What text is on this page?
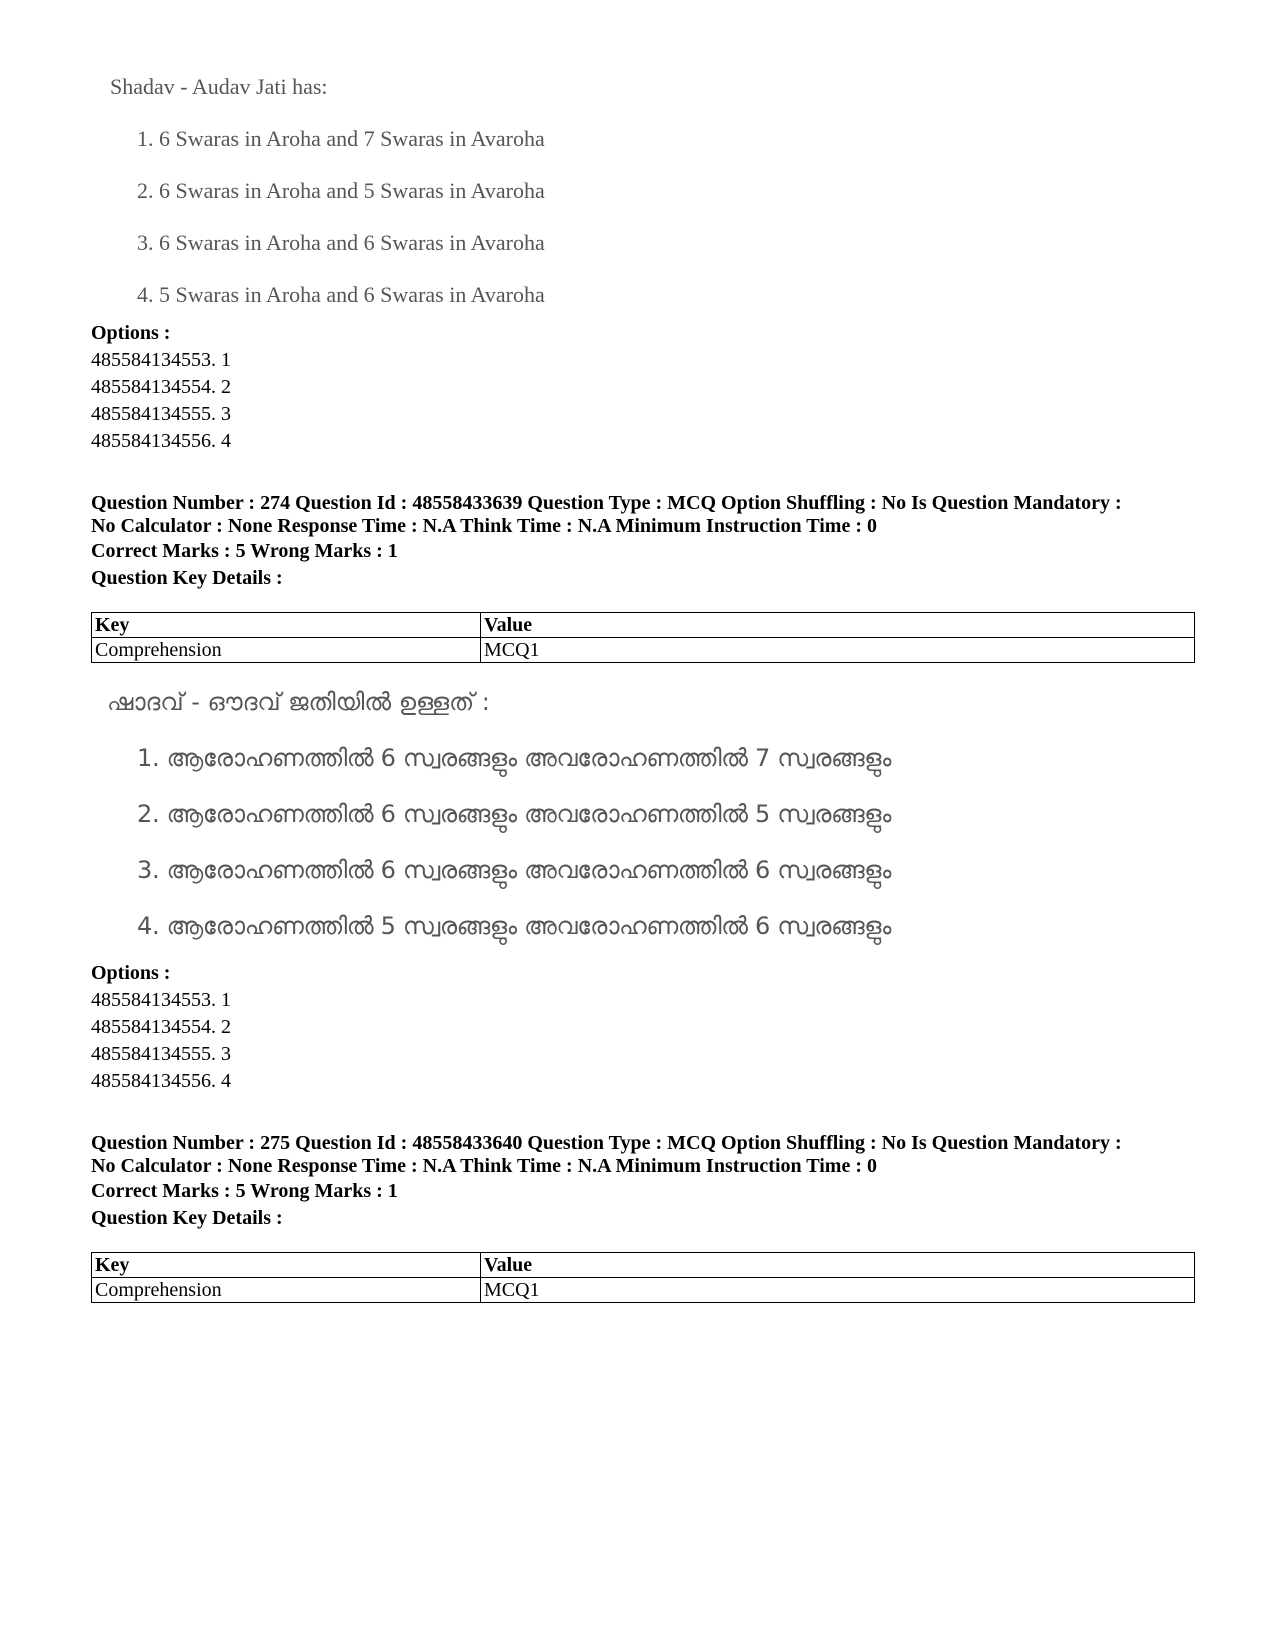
Shadav - Audav Jati has:
1. 6 Swaras in Aroha and 7 Swaras in Avaroha
2. 6 Swaras in Aroha and 5 Swaras in Avaroha
3. 6 Swaras in Aroha and 6 Swaras in Avaroha
4. 5 Swaras in Aroha and 6 Swaras in Avaroha
Options :
485584134553. 1
485584134554. 2
485584134555. 3
485584134556. 4
Question Number : 274 Question Id : 48558433639 Question Type : MCQ Option Shuffling : No Is Question Mandatory :
No Calculator : None Response Time : N.A Think Time : N.A Minimum Instruction Time : 0
Correct Marks : 5 Wrong Marks : 1
Question Key Details :
Key	Value
Comprehension	MCQ1
ഷാദവ് - ഔദവ് ജതിയിൽ ഉള്ളത് :
1. ആരോഹണത്തിൽ 6 സ്വരങ്ങളും അവരോഹണത്തിൽ 7 സ്വരങ്ങളും
2. ആരോഹണത്തിൽ 6 സ്വരങ്ങളും അവരോഹണത്തിൽ 5 സ്വരങ്ങളും
3. ആരോഹണത്തിൽ 6 സ്വരങ്ങളും അവരോഹണത്തിൽ 6 സ്വരങ്ങളും
4. ആരോഹണത്തിൽ 5 സ്വരങ്ങളും അവരോഹണത്തിൽ 6 സ്വരങ്ങളും
Options :
485584134553. 1
485584134554. 2
485584134555. 3
485584134556. 4
Question Number : 275 Question Id : 48558433640 Question Type : MCQ Option Shuffling : No Is Question Mandatory :
No Calculator : None Response Time : N.A Think Time : N.A Minimum Instruction Time : 0
Correct Marks : 5 Wrong Marks : 1
Question Key Details :
Key	Value
Comprehension	MCQ1
